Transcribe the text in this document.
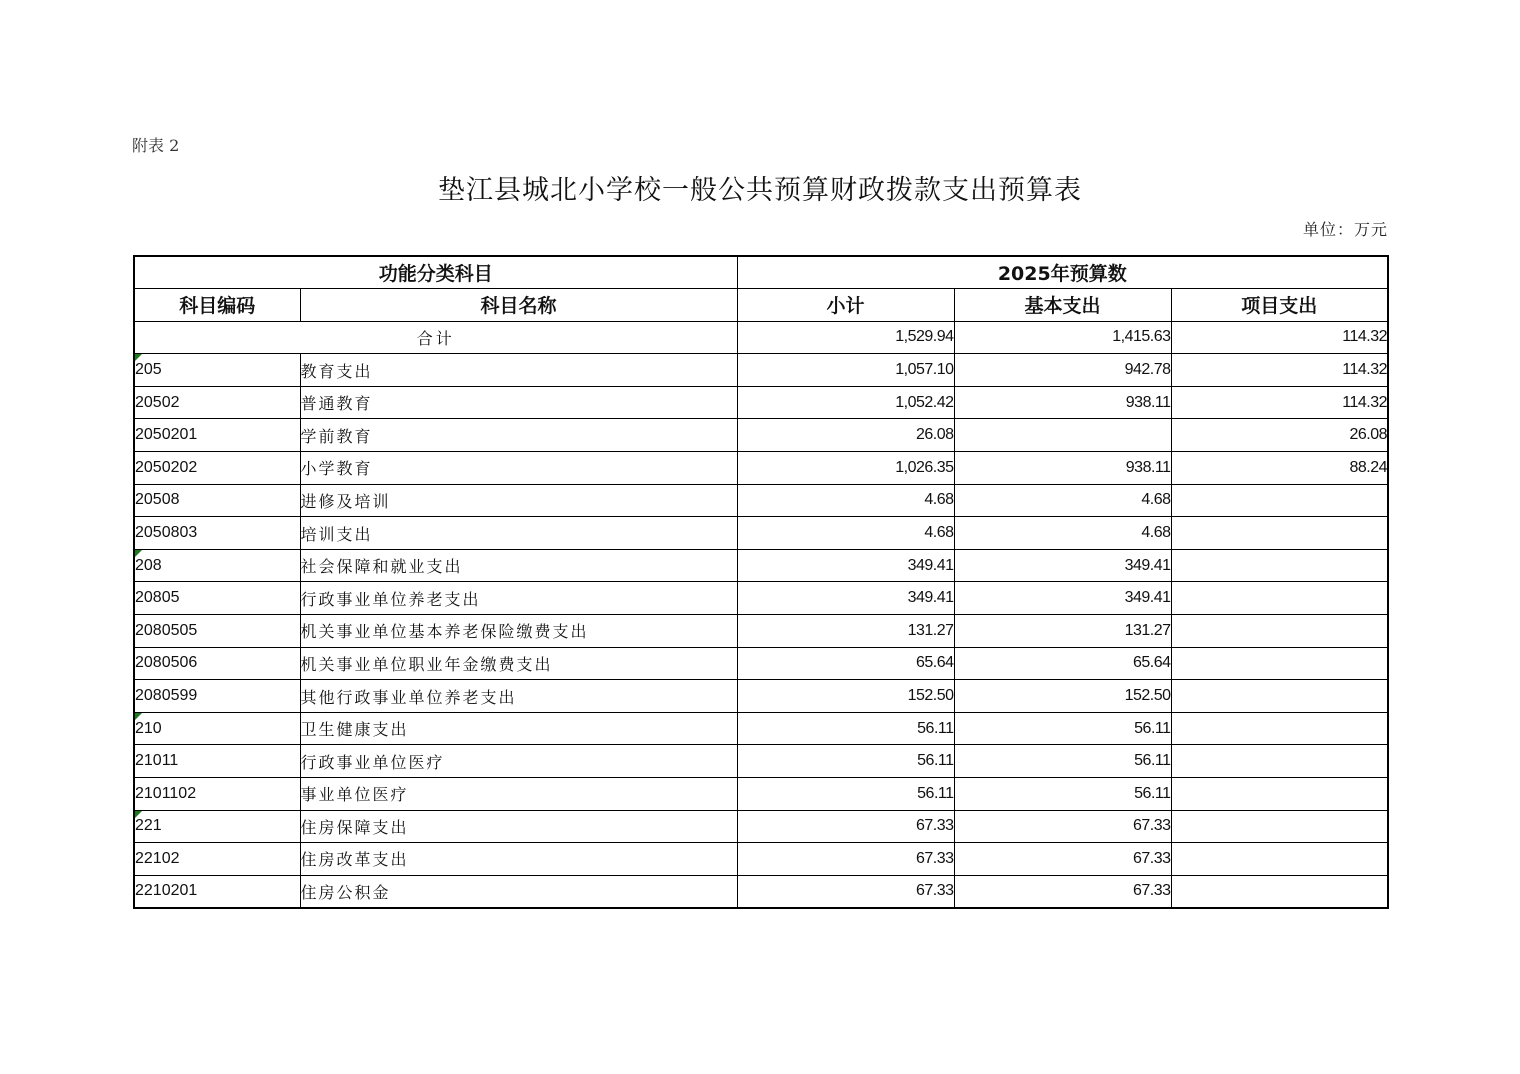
附表 2
垫江县城北小学校一般公共预算财政拨款支出预算表
单位：万元
功能分类科目		2025年预算数		
科目编码	科目名称	小计	基本支出	项目支出
合计		1,529.94	1,415.63	114.32

205	教育支出	1,057.10	942.78	114.32
20502	普通教育	1,052.42	938.11	114.32
2050201	学前教育	26.08		26.08
2050202	小学教育	1,026.35	938.11	88.24
20508	进修及培训	4.68	4.68	
2050803	培训支出	4.68	4.68	

208	社会保障和就业支出	349.41	349.41	
20805	行政事业单位养老支出	349.41	349.41	
2080505	机关事业单位基本养老保险缴费支出	131.27	131.27	
2080506	机关事业单位职业年金缴费支出	65.64	65.64	
2080599	其他行政事业单位养老支出	152.50	152.50	

210	卫生健康支出	56.11	56.11	
21011	行政事业单位医疗	56.11	56.11	
2101102	事业单位医疗	56.11	56.11	

221	住房保障支出	67.33	67.33	
22102	住房改革支出	67.33	67.33	
2210201	住房公积金	67.33	67.33	
